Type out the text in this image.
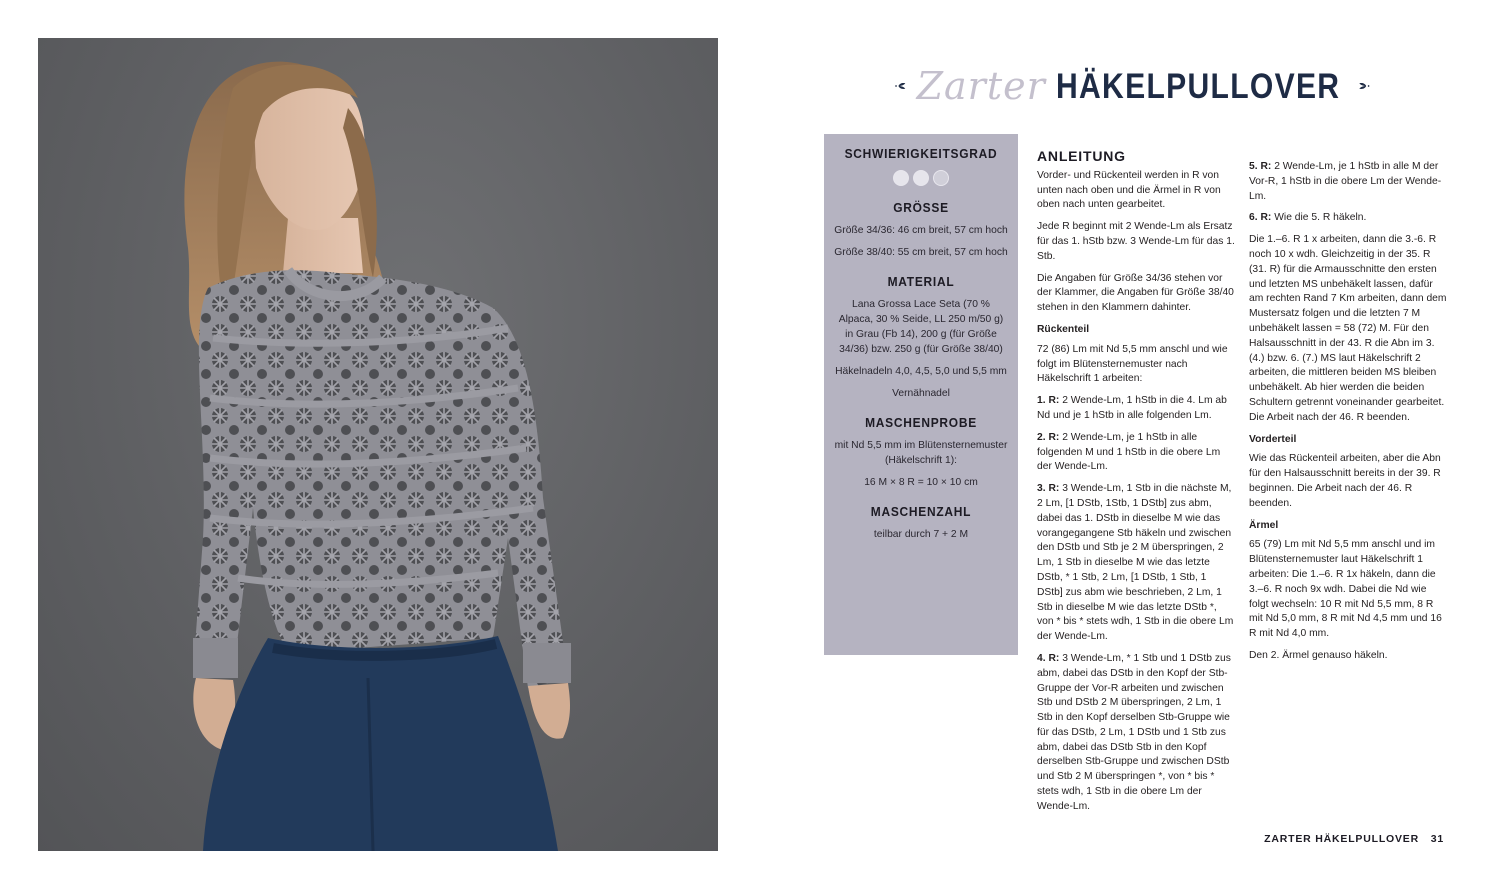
Zarter HÄKELPULLOVER
SCHWIERIGKEITSGRAD
GRÖSSE

Größe 34/36: 46 cm breit, 57 cm hoch

Größe 38/40: 55 cm breit, 57 cm hoch

MATERIAL

Lana Grossa Lace Seta (70 % Alpaca, 30 % Seide, LL 250 m/50 g) in Grau (Fb 14), 200 g (für Größe 34/36) bzw. 250 g (für Größe 38/40)

Häkelnadeln 4,0, 4,5, 5,0 und 5,5 mm

Vernähnadel

MASCHENPROBE

mit Nd 5,5 mm im Blütensternemuster (Häkelschrift 1):

16 M × 8 R = 10 × 10 cm

MASCHENZAHL

teilbar durch 7 + 2 M

ANLEITUNG

Vorder- und Rückenteil werden in R von unten nach oben und die Ärmel in R von oben nach unten gearbeitet.

Jede R beginnt mit 2 Wende-Lm als Ersatz für das 1. hStb bzw. 3 Wende-Lm für das 1. Stb.

Die Angaben für Größe 34/36 stehen vor der Klammer, die Angaben für Größe 38/40 stehen in den Klammern dahinter.

Rückenteil

72 (86) Lm mit Nd 5,5 mm anschl und wie folgt im Blütensternemuster nach Häkelschrift 1 arbeiten:

1. R: 2 Wende-Lm, 1 hStb in die 4. Lm ab Nd und je 1 hStb in alle folgenden Lm.

2. R: 2 Wende-Lm, je 1 hStb in alle folgenden M und 1 hStb in die obere Lm der Wende-Lm.

3. R: 3 Wende-Lm, 1 Stb in die nächste M, 2 Lm, [1 DStb, 1Stb, 1 DStb] zus abm, dabei das 1. DStb in dieselbe M wie das vorangegangene Stb häkeln und zwischen den DStb und Stb je 2 M überspringen, 2 Lm, 1 Stb in dieselbe M wie das letzte DStb, * 1 Stb, 2 Lm, [1 DStb, 1 Stb, 1 DStb] zus abm wie beschrieben, 2 Lm, 1 Stb in dieselbe M wie das letzte DStb *, von * bis * stets wdh, 1 Stb in die obere Lm der Wende-Lm.

4. R: 3 Wende-Lm, * 1 Stb und 1 DStb zus abm, dabei das DStb in den Kopf der Stb-Gruppe der Vor-R arbeiten und zwischen Stb und DStb 2 M überspringen, 2 Lm, 1 Stb in den Kopf derselben Stb-Gruppe wie für das DStb, 2 Lm, 1 DStb und 1 Stb zus abm, dabei das DStb Stb in den Kopf derselben Stb-Gruppe und zwischen DStb und Stb 2 M überspringen *, von * bis * stets wdh, 1 Stb in die obere Lm der Wende-Lm.

5. R: 2 Wende-Lm, je 1 hStb in alle M der Vor-R, 1 hStb in die obere Lm der Wende-Lm.

6. R: Wie die 5. R häkeln.

Die 1.–6. R 1 x arbeiten, dann die 3.-6. R noch 10 x wdh. Gleichzeitig in der 35. R (31. R) für die Armausschnitte den ersten und letzten MS unbehäkelt lassen, dafür am rechten Rand 7 Km arbeiten, dann dem Mustersatz folgen und die letzten 7 M unbehäkelt lassen = 58 (72) M. Für den Halsausschnitt in der 43. R die Abn im 3. (4.) bzw. 6. (7.) MS laut Häkelschrift 2 arbeiten, die mittleren beiden MS bleiben unbehäkelt. Ab hier werden die beiden Schultern getrennt voneinander gearbeitet.

Die Arbeit nach der 46. R beenden.

Vorderteil

Wie das Rückenteil arbeiten, aber die Abn für den Halsausschnitt bereits in der 39. R beginnen. Die Arbeit nach der 46. R beenden.

Ärmel

65 (79) Lm mit Nd 5,5 mm anschl und im Blütensternemuster laut Häkelschrift 1 arbeiten: Die 1.–6. R 1x häkeln, dann die 3.–6. R noch 9x wdh. Dabei die Nd wie folgt wechseln: 10 R mit Nd 5,5 mm, 8 R mit Nd 5,0 mm, 8 R mit Nd 4,5 mm und 16 R mit Nd 4,0 mm.

Den 2. Ärmel genauso häkeln.

ZARTER HÄKELPULLOVER 31
